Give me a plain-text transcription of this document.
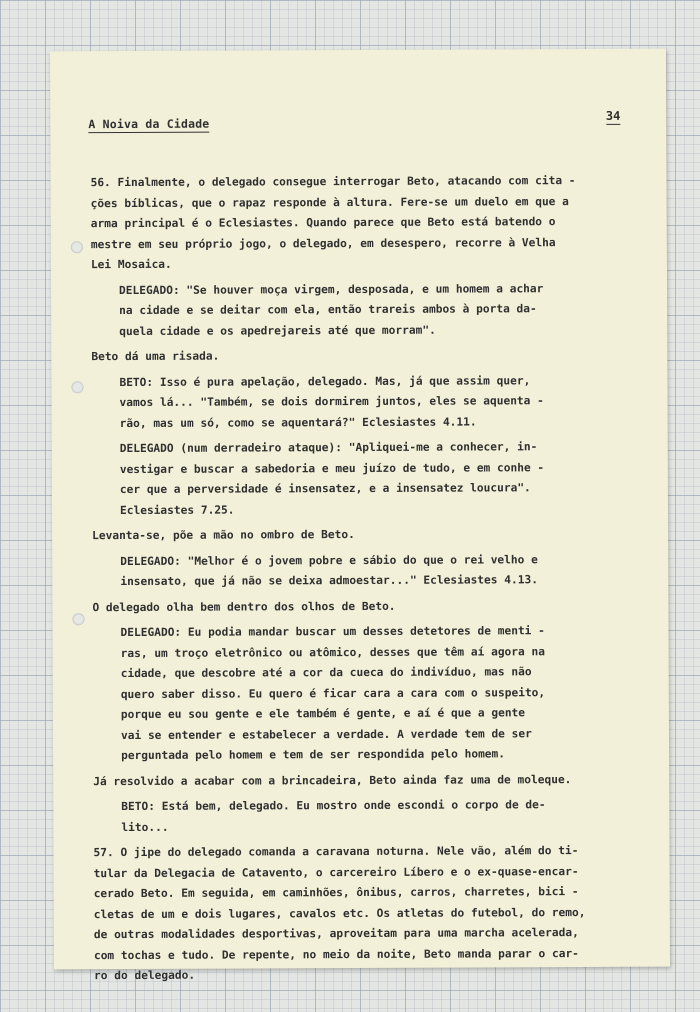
A Noiva da Cidade
34

56. Finalmente, o delegado consegue interrogar Beto, atacando com cita -
ções bíblicas, que o rapaz responde à altura. Fere-se um duelo em que a
arma principal é o Eclesiastes. Quando parece que Beto está batendo o
mestre em seu próprio jogo, o delegado, em desespero, recorre à Velha
Lei Mosaica.

DELEGADO: "Se houver moça virgem, desposada, e um homem a achar
na cidade e se deitar com ela, então trareis ambos à porta da-
quela cidade e os apedrejareis até que morram".

Beto dá uma risada.

BETO: Isso é pura apelação, delegado. Mas, já que assim quer,
vamos lá... "Também, se dois dormirem juntos, eles se aquenta -
rão, mas um só, como se aquentará?" Eclesiastes 4.11.

DELEGADO (num derradeiro ataque): "Apliquei-me a conhecer, in-
vestigar e buscar a sabedoria e meu juízo de tudo, e em conhe -
cer que a perversidade é insensatez, e a insensatez loucura".
Eclesiastes 7.25.

Levanta-se, põe a mão no ombro de Beto.

DELEGADO: "Melhor é o jovem pobre e sábio do que o rei velho e
insensato, que já não se deixa admoestar..." Eclesiastes 4.13.

O delegado olha bem dentro dos olhos de Beto.

DELEGADO: Eu podia mandar buscar um desses detetores de menti -
ras, um troço eletrônico ou atômico, desses que têm aí agora na
cidade, que descobre até a cor da cueca do indivíduo, mas não
quero saber disso. Eu quero é ficar cara a cara com o suspeito,
porque eu sou gente e ele também é gente, e aí é que a gente
vai se entender e estabelecer a verdade. A verdade tem de ser
perguntada pelo homem e tem de ser respondida pelo homem.

Já resolvido a acabar com a brincadeira, Beto ainda faz uma de moleque.

BETO: Está bem, delegado. Eu mostro onde escondi o corpo de de-
lito...

57. O jipe do delegado comanda a caravana noturna. Nele vão, além do ti-
tular da Delegacia de Catavento, o carcereiro Líbero e o ex-quase-encar-
cerado Beto. Em seguida, em caminhões, ônibus, carros, charretes, bici -
cletas de um e dois lugares, cavalos etc. Os atletas do futebol, do remo,
de outras modalidades desportivas, aproveitam para uma marcha acelerada,
com tochas e tudo. De repente, no meio da noite, Beto manda parar o car-
ro do delegado.
